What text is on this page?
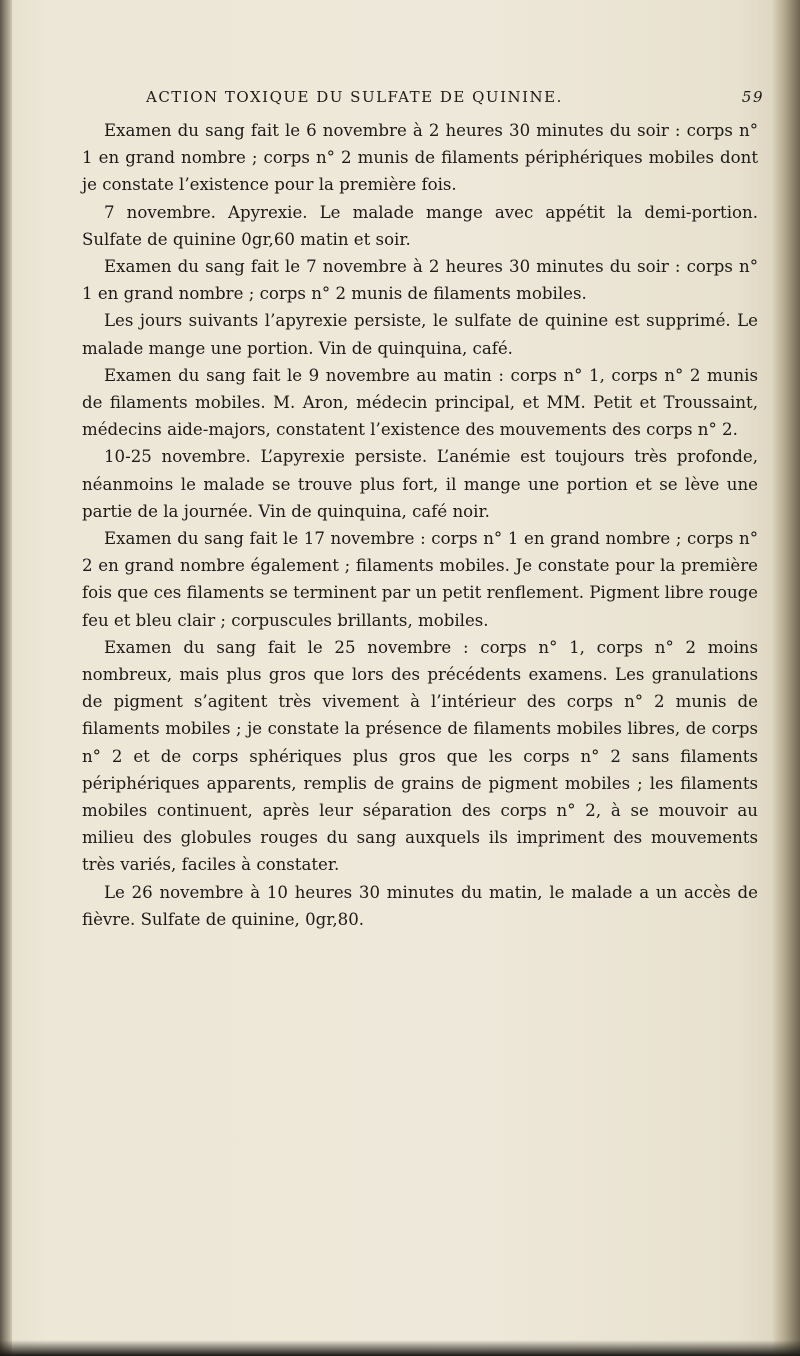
ACTION TOXIQUE DU SULFATE DE QUININE.	59

Examen du sang fait le 6 novembre à 2 heures 30 minutes du soir : corps n° 1 en grand nombre ; corps n° 2 munis de filaments périphériques mobiles dont je constate l’existence pour la première fois.

7 novembre. Apyrexie. Le malade mange avec appétit la demi-portion. Sulfate de quinine 0gr,60 matin et soir.

Examen du sang fait le 7 novembre à 2 heures 30 minutes du soir : corps n° 1 en grand nombre ; corps n° 2 munis de filaments mobiles.

Les jours suivants l’apyrexie persiste, le sulfate de quinine est supprimé. Le malade mange une portion. Vin de quinquina, café.

Examen du sang fait le 9 novembre au matin : corps n° 1, corps n° 2 munis de filaments mobiles. M. Aron, médecin principal, et MM. Petit et Troussaint, médecins aide-majors, constatent l’existence des mouvements des corps n° 2.

10-25 novembre. L’apyrexie persiste. L’anémie est toujours très profonde, néanmoins le malade se trouve plus fort, il mange une portion et se lève une partie de la journée. Vin de quinquina, café noir.

Examen du sang fait le 17 novembre : corps n° 1 en grand nombre ; corps n° 2 en grand nombre également ; filaments mobiles. Je constate pour la première fois que ces filaments se terminent par un petit renflement. Pigment libre rouge feu et bleu clair ; corpuscules brillants, mobiles.

Examen du sang fait le 25 novembre : corps n° 1, corps n° 2 moins nombreux, mais plus gros que lors des précédents examens. Les granulations de pigment s’agitent très vivement à l’intérieur des corps n° 2 munis de filaments mobiles ; je constate la présence de filaments mobiles libres, de corps n° 2 et de corps sphériques plus gros que les corps n° 2 sans filaments périphériques apparents, remplis de grains de pigment mobiles ; les filaments mobiles continuent, après leur séparation des corps n° 2, à se mouvoir au milieu des globules rouges du sang auxquels ils impriment des mouvements très variés, faciles à constater.

Le 26 novembre à 10 heures 30 minutes du matin, le malade a un accès de fièvre. Sulfate de quinine, 0gr,80.
